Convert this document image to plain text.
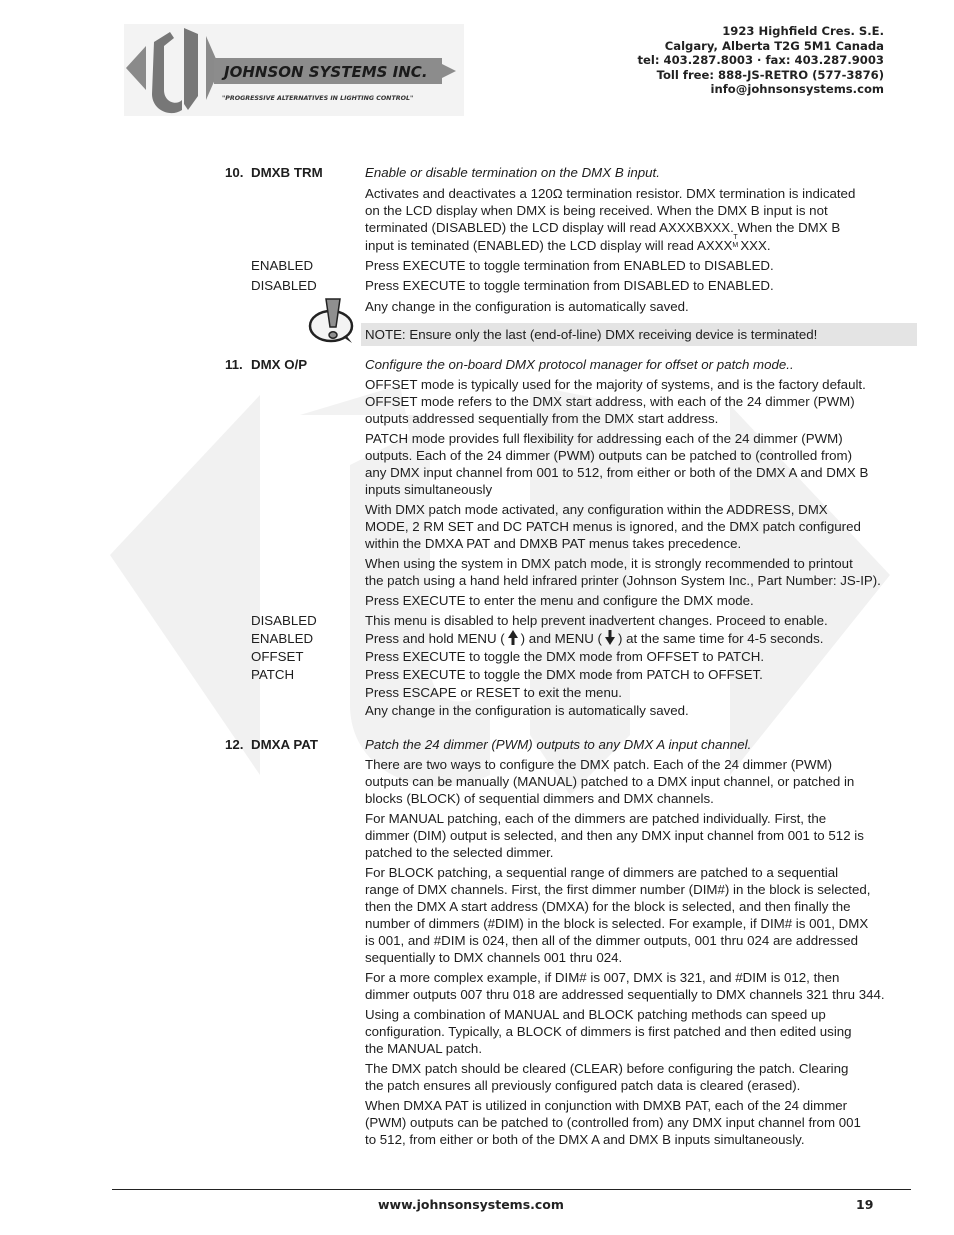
JOHNSON SYSTEMS INC.
"PROGRESSIVE ALTERNATIVES IN LIGHTING CONTROL"
1923 Highfield Cres. S.E.
Calgary, Alberta T2G 5M1 Canada
tel: 403.287.8003 · fax: 403.287.9003
Toll free: 888-JS-RETRO (577-3876)
info@johnsonsystems.com
10. DMXB TRM	Enable or disable termination on the DMX B input.
Activates and deactivates a 120Ω termination resistor. DMX termination is indicated
on the LCD display when DMX is being received. When the DMX B input is not
terminated (DISABLED) the LCD display will read AXXXBXXX. When the DMX B
input is teminated (ENABLED) the LCD display will read AXXX
T
M XXX.
ENABLED	Press EXECUTE to toggle termination from ENABLED to DISABLED.
DISABLED	Press EXECUTE to toggle termination from DISABLED to ENABLED.
Any change in the configuration is automatically saved.
NOTE: Ensure only the last (end-of-line) DMX receiving device is terminated!
11. DMX O/P	Configure the on-board DMX protocol manager for offset or patch mode..
OFFSET mode is typically used for the majority of systems, and is the factory default.
OFFSET mode refers to the DMX start address, with each of the 24 dimmer (PWM)
outputs addressed sequentially from the DMX start address.
PATCH mode provides full flexibility for addressing each of the 24 dimmer (PWM)
outputs. Each of the 24 dimmer (PWM) outputs can be patched to (controlled from)
any DMX input channel from 001 to 512, from either or both of the DMX A and DMX B
inputs simultaneously
With DMX patch mode activated, any configuration within the ADDRESS, DMX
MODE, 2 RM SET and DC PATCH menus is ignored, and the DMX patch configured
within the DMXA PAT and DMXB PAT menus takes precedence.
When using the system in DMX patch mode, it is strongly recommended to printout
the patch using a hand held infrared printer (Johnson System Inc., Part Number: JS-IP).
Press EXECUTE to enter the menu and configure the DMX mode.
DISABLED	This menu is disabled to help prevent inadvertent changes. Proceed to enable.
ENABLED	Press and hold MENU ( ) and MENU ( ) at the same time for 4-5 seconds.
OFFSET	Press EXECUTE to toggle the DMX mode from OFFSET to PATCH.
PATCH	Press EXECUTE to toggle the DMX mode from PATCH to OFFSET.
Press ESCAPE or RESET to exit the menu.
Any change in the configuration is automatically saved.
12. DMXA PAT	Patch the 24 dimmer (PWM) outputs to any DMX A input channel.
There are two ways to configure the DMX patch. Each of the 24 dimmer (PWM)
outputs can be manually (MANUAL) patched to a DMX input channel, or patched in
blocks (BLOCK) of sequential dimmers and DMX channels.
For MANUAL patching, each of the dimmers are patched individually. First, the
dimmer (DIM) output is selected, and then any DMX input channel from 001 to 512 is
patched to the selected dimmer.
For BLOCK patching, a sequential range of dimmers are patched to a sequential
range of DMX channels. First, the first dimmer number (DIM#) in the block is selected,
then the DMX A start address (DMXA) for the block is selected, and then finally the
number of dimmers (#DIM) in the block is selected. For example, if DIM# is 001, DMX
is 001, and #DIM is 024, then all of the dimmer outputs, 001 thru 024 are addressed
sequentially to DMX channels 001 thru 024.
For a more complex example, if DIM# is 007, DMX is 321, and #DIM is 012, then
dimmer outputs 007 thru 018 are addressed sequentially to DMX channels 321 thru 344.
Using a combination of MANUAL and BLOCK patching methods can speed up
configuration. Typically, a BLOCK of dimmers is first patched and then edited using
the MANUAL patch.
The DMX patch should be cleared (CLEAR) before configuring the patch. Clearing
the patch ensures all previously configured patch data is cleared (erased).
When DMXA PAT is utilized in conjunction with DMXB PAT, each of the 24 dimmer
(PWM) outputs can be patched to (controlled from) any DMX input channel from 001
to 512, from either or both of the DMX A and DMX B inputs simultaneously.
www.johnsonsystems.com	19
